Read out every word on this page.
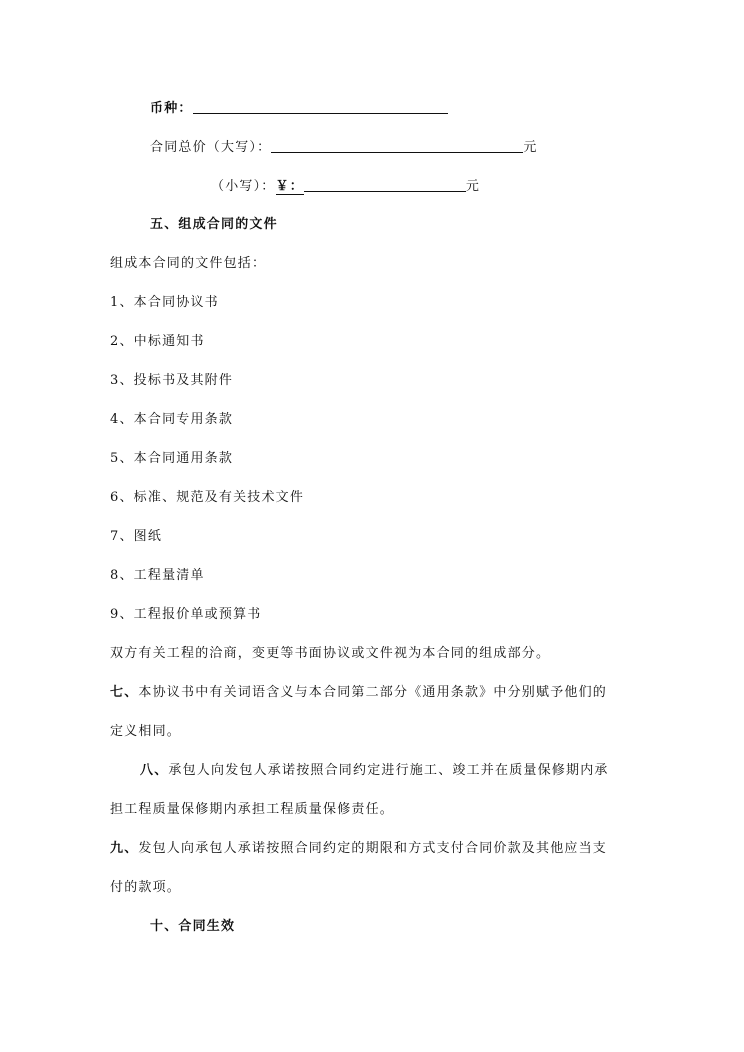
币种：
合同总价（大写）：	元
（小写）：￥：	元
五、组成合同的文件
组成本合同的文件包括：
1、本合同协议书
2、中标通知书
3、投标书及其附件
4、本合同专用条款
5、本合同通用条款
6、标准、规范及有关技术文件
7、图纸
8、工程量清单
9、工程报价单或预算书
双方有关工程的洽商，变更等书面协议或文件视为本合同的组成部分。
七、本协议书中有关词语含义与本合同第二部分《通用条款》中分别赋予他们的
定义相同。
八、承包人向发包人承诺按照合同约定进行施工、竣工并在质量保修期内承
担工程质量保修期内承担工程质量保修责任。
九、发包人向承包人承诺按照合同约定的期限和方式支付合同价款及其他应当支
付的款项。
十、合同生效
